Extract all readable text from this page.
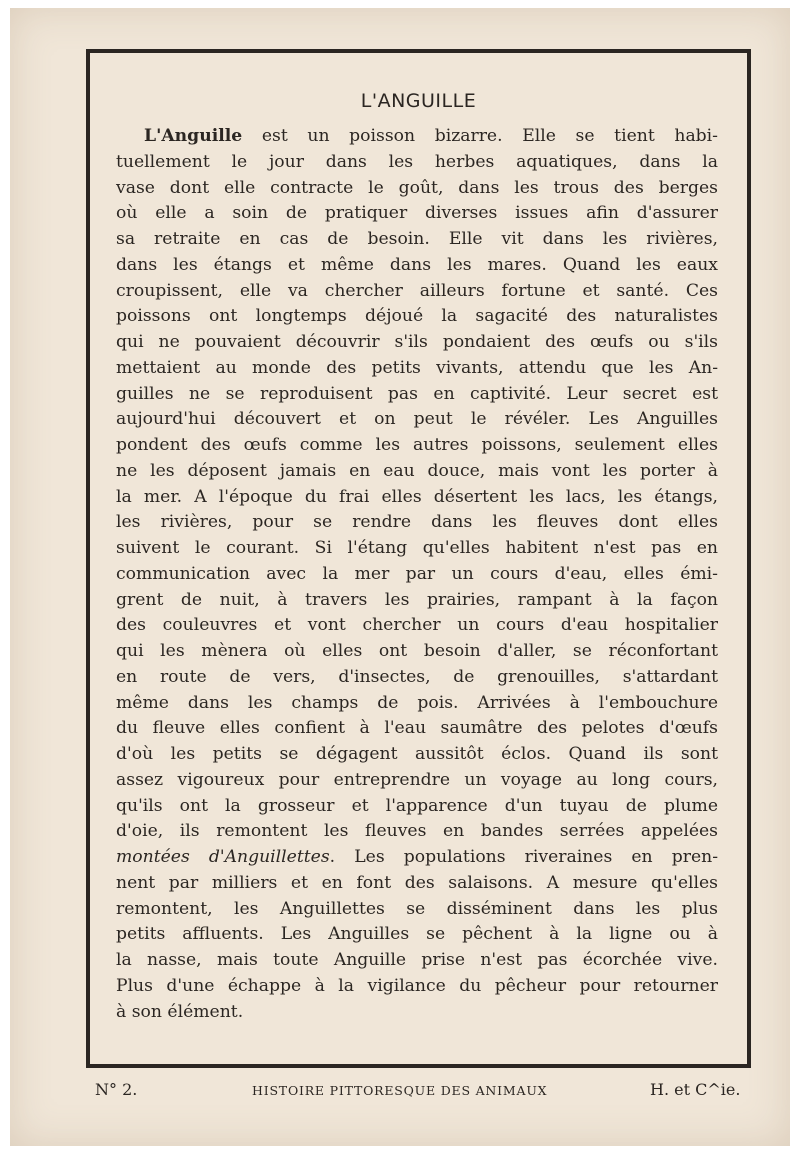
L'ANGUILLE
L'Anguille est un poisson bizarre. Elle se tient habi-
tuellement le jour dans les herbes aquatiques, dans la
vase dont elle contracte le goût, dans les trous des berges
où elle a soin de pratiquer diverses issues afin d'assurer
sa retraite en cas de besoin. Elle vit dans les rivières,
dans les étangs et même dans les mares. Quand les eaux
croupissent, elle va chercher ailleurs fortune et santé. Ces
poissons ont longtemps déjoué la sagacité des naturalistes
qui ne pouvaient découvrir s'ils pondaient des œufs ou s'ils
mettaient au monde des petits vivants, attendu que les An-
guilles ne se reproduisent pas en captivité. Leur secret est
aujourd'hui découvert et on peut le révéler. Les Anguilles
pondent des œufs comme les autres poissons, seulement elles
ne les déposent jamais en eau douce, mais vont les porter à
la mer. A l'époque du frai elles désertent les lacs, les étangs,
les rivières, pour se rendre dans les fleuves dont elles
suivent le courant. Si l'étang qu'elles habitent n'est pas en
communication avec la mer par un cours d'eau, elles émi-
grent de nuit, à travers les prairies, rampant à la façon
des couleuvres et vont chercher un cours d'eau hospitalier
qui les mènera où elles ont besoin d'aller, se réconfortant
en route de vers, d'insectes, de grenouilles, s'attardant
même dans les champs de pois. Arrivées à l'embouchure
du fleuve elles confient à l'eau saumâtre des pelotes d'œufs
d'où les petits se dégagent aussitôt éclos. Quand ils sont
assez vigoureux pour entreprendre un voyage au long cours,
qu'ils ont la grosseur et l'apparence d'un tuyau de plume
d'oie, ils remontent les fleuves en bandes serrées appelées
montées d'Anguillettes. Les populations riveraines en pren-
nent par milliers et en font des salaisons. A mesure qu'elles
remontent, les Anguillettes se disséminent dans les plus
petits affluents. Les Anguilles se pêchent à la ligne ou à
la nasse, mais toute Anguille prise n'est pas écorchée vive.
Plus d'une échappe à la vigilance du pêcheur pour retourner
à son élément.
N° 2.	HISTOIRE PITTORESQUE DES ANIMAUX	H. et C^ie.
